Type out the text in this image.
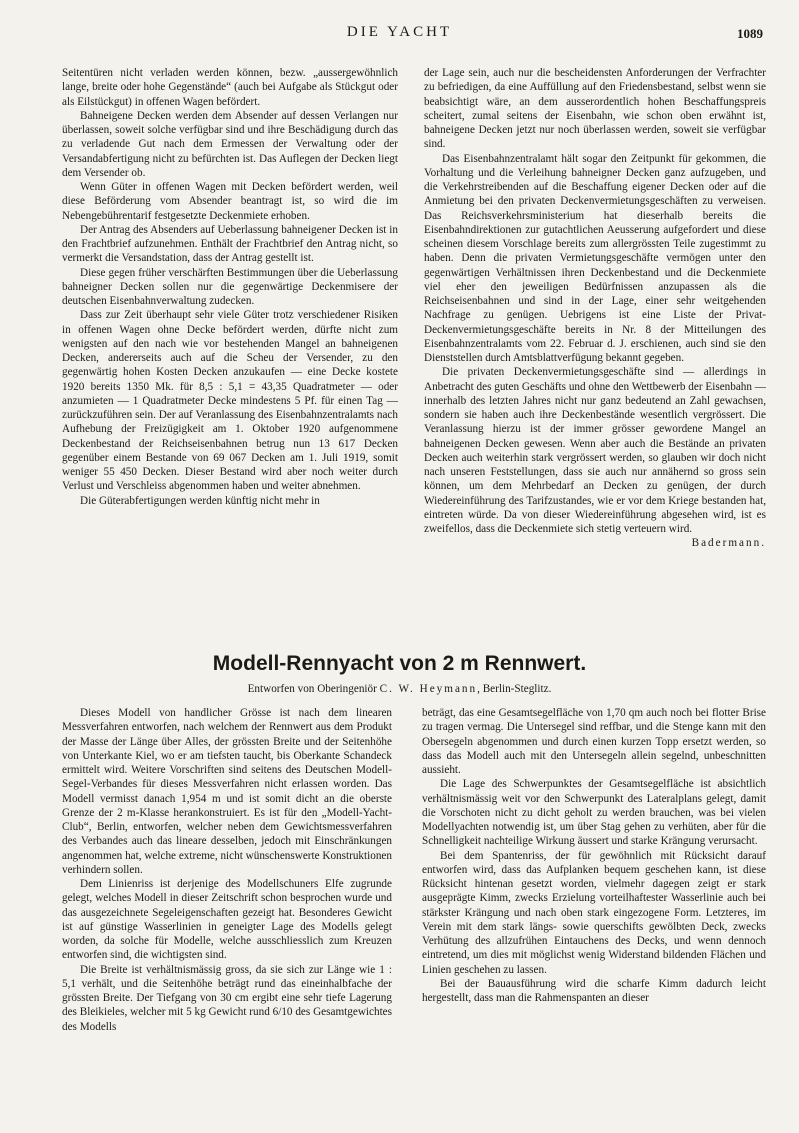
DIE YACHT	1089

Seitentüren nicht verladen werden können, bezw. „aussergewöhnlich lange, breite oder hohe Gegenstände“ (auch bei Aufgabe als Stückgut oder als Eilstückgut) in offenen Wagen befördert.

Bahneigene Decken werden dem Absender auf dessen Verlangen nur überlassen, soweit solche verfügbar sind und ihre Beschädigung durch das zu verladende Gut nach dem Ermessen der Verwaltung oder der Versandabfertigung nicht zu befürchten ist. Das Auflegen der Decken liegt dem Versender ob.

Wenn Güter in offenen Wagen mit Decken befördert werden, weil diese Beförderung vom Absender beantragt ist, so wird die im Nebengebührentarif festgesetzte Deckenmiete erhoben.

Der Antrag des Absenders auf Ueberlassung bahneigener Decken ist in den Frachtbrief aufzunehmen. Enthält der Frachtbrief den Antrag nicht, so vermerkt die Versandstation, dass der Antrag gestellt ist.

Diese gegen früher verschärften Bestimmungen über die Ueberlassung bahneigner Decken sollen nur die gegenwärtige Deckenmisere der deutschen Eisenbahnverwaltung zudecken.

Dass zur Zeit überhaupt sehr viele Güter trotz verschiedener Risiken in offenen Wagen ohne Decke befördert werden, dürfte nicht zum wenigsten auf den nach wie vor bestehenden Mangel an bahneigenen Decken, andererseits auch auf die Scheu der Versender, zu den gegenwärtig hohen Kosten Decken anzukaufen — eine Decke kostete 1920 bereits 1350 Mk. für 8,5 : 5,1 = 43,35 Quadratmeter — oder anzumieten — 1 Quadratmeter Decke mindestens 5 Pf. für einen Tag — zurückzuführen sein. Der auf Veranlassung des Eisenbahnzentralamts nach Aufhebung der Freizügigkeit am 1. Oktober 1920 aufgenommene Deckenbestand der Reichseisenbahnen betrug nun 13 617 Decken gegenüber einem Bestande von 69 067 Decken am 1. Juli 1919, somit weniger 55 450 Decken. Dieser Bestand wird aber noch weiter durch Verlust und Verschleiss abgenommen haben und weiter abnehmen.

Die Güterabfertigungen werden künftig nicht mehr in

der Lage sein, auch nur die bescheidensten Anforderungen der Verfrachter zu befriedigen, da eine Auffüllung auf den Friedensbestand, selbst wenn sie beabsichtigt wäre, an dem ausserordentlich hohen Beschaffungspreis scheitert, zumal seitens der Eisenbahn, wie schon oben erwähnt ist, bahneigene Decken jetzt nur noch überlassen werden, soweit sie verfügbar sind.

Das Eisenbahnzentralamt hält sogar den Zeitpunkt für gekommen, die Vorhaltung und die Verleihung bahneigner Decken ganz aufzugeben, und die Verkehrstreibenden auf die Beschaffung eigener Decken oder auf die Anmietung bei den privaten Deckenvermietungsgeschäften zu verweisen. Das Reichsverkehrsministerium hat dieserhalb bereits die Eisenbahndirektionen zur gutachtlichen Aeusserung aufgefordert und diese scheinen diesem Vorschlage bereits zum allergrössten Teile zugestimmt zu haben. Denn die privaten Vermietungsgeschäfte vermögen unter den gegenwärtigen Verhältnissen ihren Deckenbestand und die Deckenmiete viel eher den jeweiligen Bedürfnissen anzupassen als die Reichseisenbahnen und sind in der Lage, einer sehr weitgehenden Nachfrage zu genügen. Uebrigens ist eine Liste der Privat-Deckenvermietungsgeschäfte bereits in Nr. 8 der Mitteilungen des Eisenbahnzentralamts vom 22. Februar d. J. erschienen, auch sind sie den Dienststellen durch Amtsblattverfügung bekannt gegeben.

Die privaten Deckenvermietungsgeschäfte sind — allerdings in Anbetracht des guten Geschäfts und ohne den Wettbewerb der Eisenbahn — innerhalb des letzten Jahres nicht nur ganz bedeutend an Zahl gewachsen, sondern sie haben auch ihre Deckenbestände wesentlich vergrössert. Die Veranlassung hierzu ist der immer grösser gewordene Mangel an bahneigenen Decken gewesen. Wenn aber auch die Bestände an privaten Decken auch weiterhin stark vergrössert werden, so glauben wir doch nicht nach unseren Feststellungen, dass sie auch nur annähernd so gross sein können, um dem Mehrbedarf an Decken zu genügen, der durch Wiedereinführung des Tarifzustandes, wie er vor dem Kriege bestanden hat, eintreten würde. Da von dieser Wiedereinführung abgesehen wird, ist es zweifellos, dass die Deckenmiete sich stetig verteuern wird.

Badermann.
Modell-Rennyacht von 2 m Rennwert.
Entworfen von Oberingeniör C. W. Heymann, Berlin-Steglitz.

Dieses Modell von handlicher Grösse ist nach dem linearen Messverfahren entworfen, nach welchem der Rennwert aus dem Produkt der Masse der Länge über Alles, der grössten Breite und der Seitenhöhe von Unterkante Kiel, wo er am tiefsten taucht, bis Oberkante Schandeck ermittelt wird. Weitere Vorschriften sind seitens des Deutschen Modell-Segel-Verbandes für dieses Messverfahren nicht erlassen worden. Das Modell vermisst danach 1,954 m und ist somit dicht an die oberste Grenze der 2 m-Klasse herankonstruiert. Es ist für den „Modell-Yacht-Club“, Berlin, entworfen, welcher neben dem Gewichtsmessverfahren des Verbandes auch das lineare desselben, jedoch mit Einschränkungen angenommen hat, welche extreme, nicht wünschenswerte Konstruktionen verhindern sollen.

Dem Linienriss ist derjenige des Modellschuners Elfe zugrunde gelegt, welches Modell in dieser Zeitschrift schon besprochen wurde und das ausgezeichnete Segeleigenschaften gezeigt hat. Besonderes Gewicht ist auf günstige Wasserlinien in geneigter Lage des Modells gelegt worden, da solche für Modelle, welche ausschliesslich zum Kreuzen entworfen sind, die wichtigsten sind.

Die Breite ist verhältnismässig gross, da sie sich zur Länge wie 1 : 5,1 verhält, und die Seitenhöhe beträgt rund das eineinhalbfache der grössten Breite. Der Tiefgang von 30 cm ergibt eine sehr tiefe Lagerung des Bleikieles, welcher mit 5 kg Gewicht rund 6/10 des Gesamtgewichtes des Modells

beträgt, das eine Gesamtsegelfläche von 1,70 qm auch noch bei flotter Brise zu tragen vermag. Die Untersegel sind reffbar, und die Stenge kann mit den Obersegeln abgenommen und durch einen kurzen Topp ersetzt werden, so dass das Modell auch mit den Untersegeln allein segelnd, unbeschnitten aussieht.

Die Lage des Schwerpunktes der Gesamtsegelfläche ist absichtlich verhältnismässig weit vor den Schwerpunkt des Lateralplans gelegt, damit die Vorschoten nicht zu dicht geholt zu werden brauchen, was bei vielen Modellyachten notwendig ist, um über Stag gehen zu verhüten, aber für die Schnelligkeit nachteilige Wirkung äussert und starke Krängung verursacht.

Bei dem Spantenriss, der für gewöhnlich mit Rücksicht darauf entworfen wird, dass das Aufplanken bequem geschehen kann, ist diese Rücksicht hintenan gesetzt worden, vielmehr dagegen zeigt er stark ausgeprägte Kimm, zwecks Erzielung vorteilhaftester Wasserlinie auch bei stärkster Krängung und nach oben stark eingezogene Form. Letzteres, im Verein mit dem stark längs- sowie querschifts gewölbten Deck, zwecks Verhütung des allzufrühen Eintauchens des Decks, und wenn dennoch eintretend, um dies mit möglichst wenig Widerstand bildenden Flächen und Linien geschehen zu lassen.

Bei der Bauausführung wird die scharfe Kimm dadurch leicht hergestellt, dass man die Rahmenspanten an dieser
